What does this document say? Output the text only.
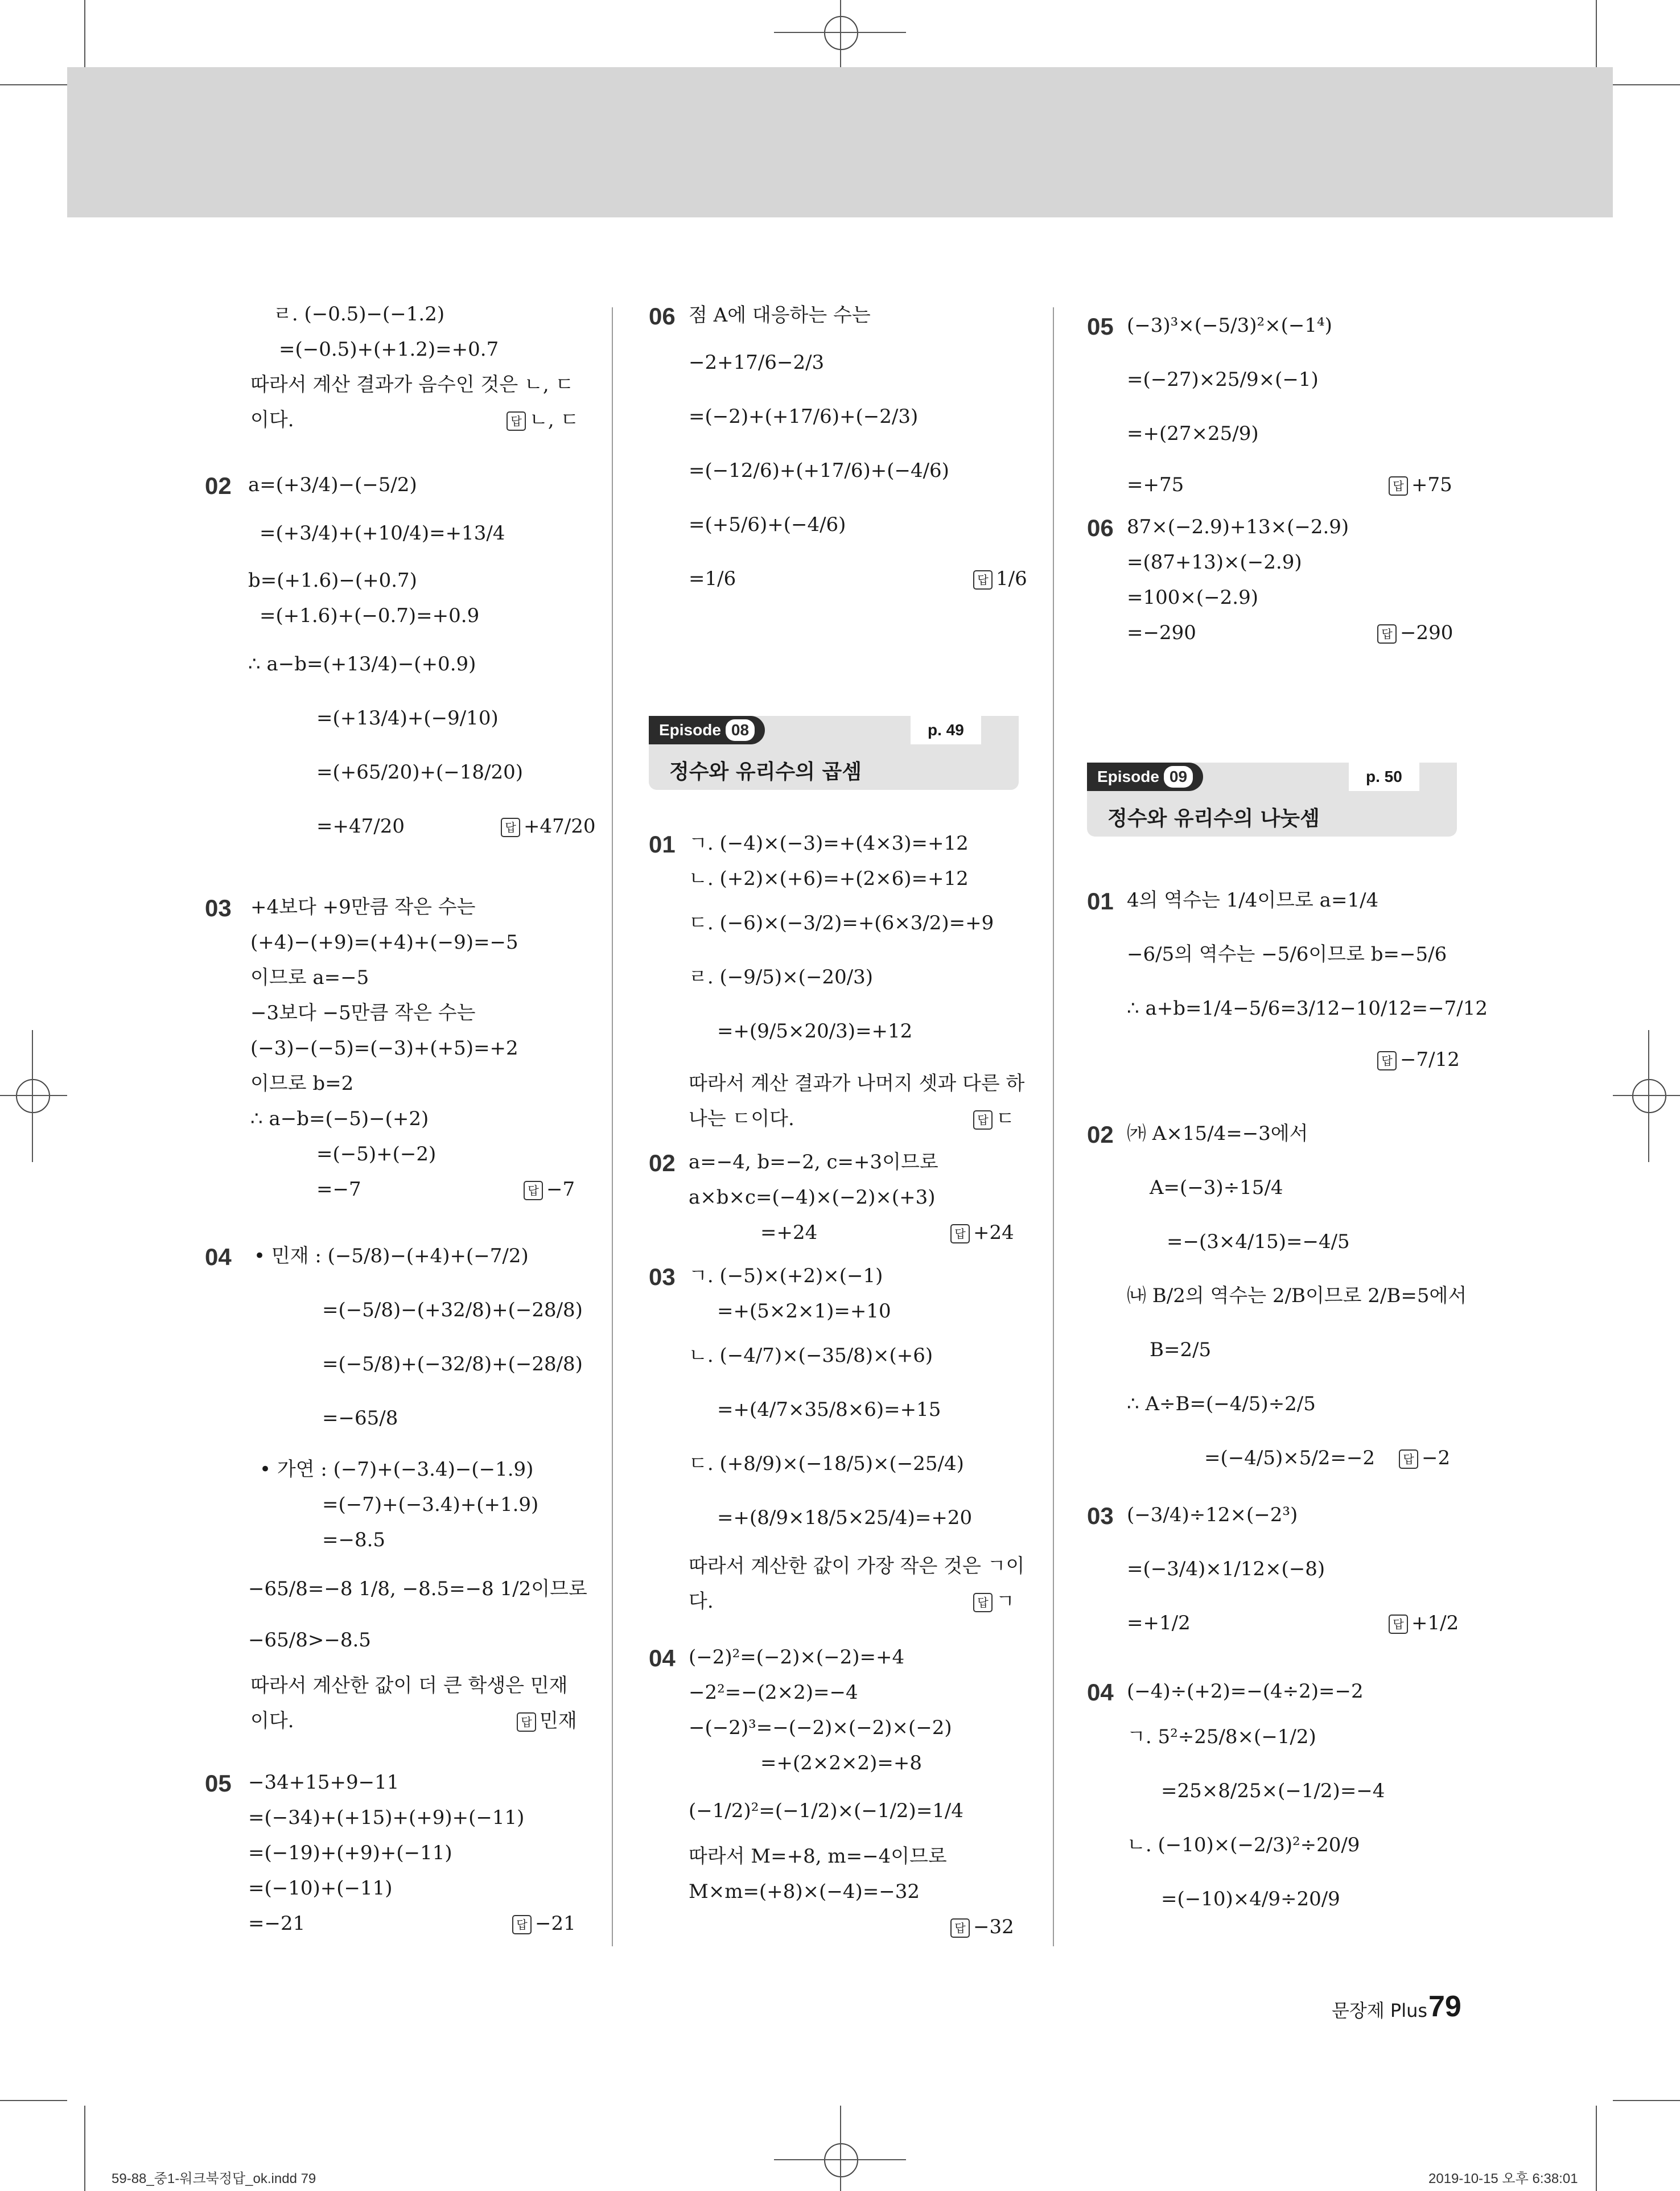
ㄹ. (−0.5)−(−1.2)
=(−0.5)+(+1.2)=+0.7
따라서 계산 결과가 음수인 것은 ㄴ, ㄷ
이다.	답 ㄴ, ㄷ
02 a=(+3/4)−(−5/2)
=(+3/4)+(+10/4)=+13/4
b=(+1.6)−(+0.7)
=(+1.6)+(−0.7)=+0.9
∴ a−b=(+13/4)−(+0.9)
=(+13/4)+(−9/10)
=(+65/20)+(−18/20)
=+47/20	답 +47/20
03 +4보다 +9만큼 작은 수는
(+4)−(+9)=(+4)+(−9)=−5
이므로 a=−5
−3보다 −5만큼 작은 수는
(−3)−(−5)=(−3)+(+5)=+2
이므로 b=2
∴ a−b=(−5)−(+2)
=(−5)+(−2)
=−7	답 −7
04 • 민재 : (−5/8)−(+4)+(−7/2)
=(−5/8)−(+32/8)+(−28/8)
=(−5/8)+(−32/8)+(−28/8)
=−65/8
• 가연 : (−7)+(−3.4)−(−1.9)
=(−7)+(−3.4)+(+1.9)
=−8.5
−65/8=−8 1/8, −8.5=−8 1/2이므로
−65/8>−8.5
따라서 계산한 값이 더 큰 학생은 민재
이다.	답 민재
05 −34+15+9−11
=(−34)+(+15)+(+9)+(−11)
=(−19)+(+9)+(−11)
=(−10)+(−11)
=−21	답 −21
06 점 A에 대응하는 수는
−2+17/6−2/3
=(−2)+(+17/6)+(−2/3)
=(−12/6)+(+17/6)+(−4/6)
=(+5/6)+(−4/6)
=1/6	답 1/6
Episode 08	p. 49
정수와 유리수의 곱셈
01 ㄱ. (−4)×(−3)=+(4×3)=+12
ㄴ. (+2)×(+6)=+(2×6)=+12
ㄷ. (−6)×(−3/2)=+(6×3/2)=+9
ㄹ. (−9/5)×(−20/3)
=+(9/5×20/3)=+12
따라서 계산 결과가 나머지 셋과 다른 하
나는 ㄷ이다.	답 ㄷ
02 a=−4, b=−2, c=+3이므로
a×b×c=(−4)×(−2)×(+3)
=+24	답 +24
03 ㄱ. (−5)×(+2)×(−1)
=+(5×2×1)=+10
ㄴ. (−4/7)×(−35/8)×(+6)
=+(4/7×35/8×6)=+15
ㄷ. (+8/9)×(−18/5)×(−25/4)
=+(8/9×18/5×25/4)=+20
따라서 계산한 값이 가장 작은 것은 ㄱ이
다.	답 ㄱ
04 (−2)²=(−2)×(−2)=+4
−2²=−(2×2)=−4
−(−2)³=−(−2)×(−2)×(−2)
=+(2×2×2)=+8
(−1/2)²=(−1/2)×(−1/2)=1/4
따라서 M=+8, m=−4이므로
M×m=(+8)×(−4)=−32
답 −32
05 (−3)³×(−5/3)²×(−1⁴)
=(−27)×25/9×(−1)
=+(27×25/9)
=+75	답 +75
06 87×(−2.9)+13×(−2.9)
=(87+13)×(−2.9)
=100×(−2.9)
=−290	답 −290
Episode 09	p. 50
정수와 유리수의 나눗셈
01 4의 역수는 1/4이므로 a=1/4
−6/5의 역수는 −5/6이므로 b=−5/6
∴ a+b=1/4−5/6=3/12−10/12=−7/12
답 −7/12
02 ㈎ A×15/4=−3에서
A=(−3)÷15/4
=−(3×4/15)=−4/5
㈏ B/2의 역수는 2/B이므로 2/B=5에서
B=2/5
∴ A÷B=(−4/5)÷2/5
=(−4/5)×5/2=−2	답 −2
03 (−3/4)÷12×(−2³)
=(−3/4)×1/12×(−8)
=+1/2	답 +1/2
04 (−4)÷(+2)=−(4÷2)=−2
ㄱ. 5²÷25/8×(−1/2)
=25×8/25×(−1/2)=−4
ㄴ. (−10)×(−2/3)²÷20/9
=(−10)×4/9÷20/9
문장제 Plus 79
59-88_중1-워크북정답_ok.indd 79	2019-10-15 오후 6:38:01
